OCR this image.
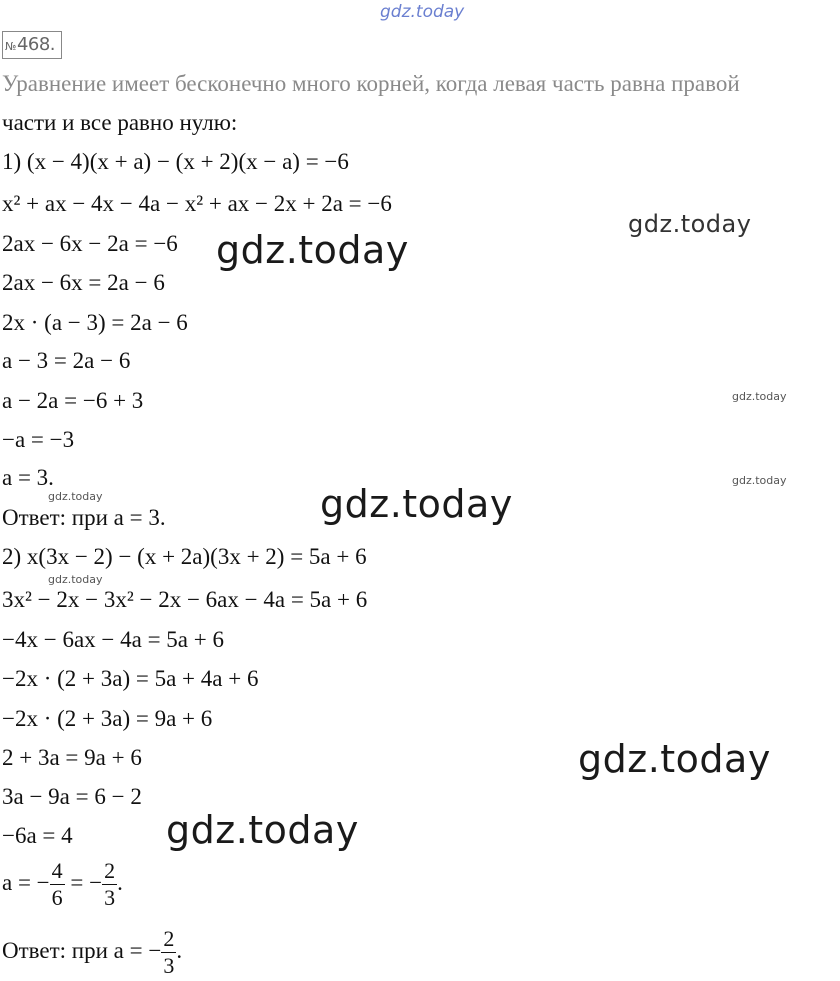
gdz.today
gdz.today
gdz.today
gdz.today
gdz.today
gdz.today	gdz.today
gdz.today
gdz.today
gdz.today
№468.
Уравнение имеет бесконечно много корней, когда левая часть равна правой
части и все равно нулю:
1) (x − 4)(x + a) − (x + 2)(x − a) = −6
x² + ax − 4x − 4a − x² + ax − 2x + 2a = −6
2ax − 6x − 2a = −6
2ax − 6x = 2a − 6
2x · (a − 3) = 2a − 6
a − 3 = 2a − 6
a − 2a = −6 + 3
−a = −3
a = 3.
Ответ: при a = 3.
2) x(3x − 2) − (x + 2a)(3x + 2) = 5a + 6
3x² − 2x − 3x² − 2x − 6ax − 4a = 5a + 6
−4x − 6ax − 4a = 5a + 6
−2x · (2 + 3a) = 5a + 4a + 6
−2x · (2 + 3a) = 9a + 6
2 + 3a = 9a + 6
3a − 9a = 6 − 2
−6a = 4
a = − $\frac{4}{6}$ = − $\frac{2}{3}$ .
Ответ: при a = − $\frac{2}{3}$ .
